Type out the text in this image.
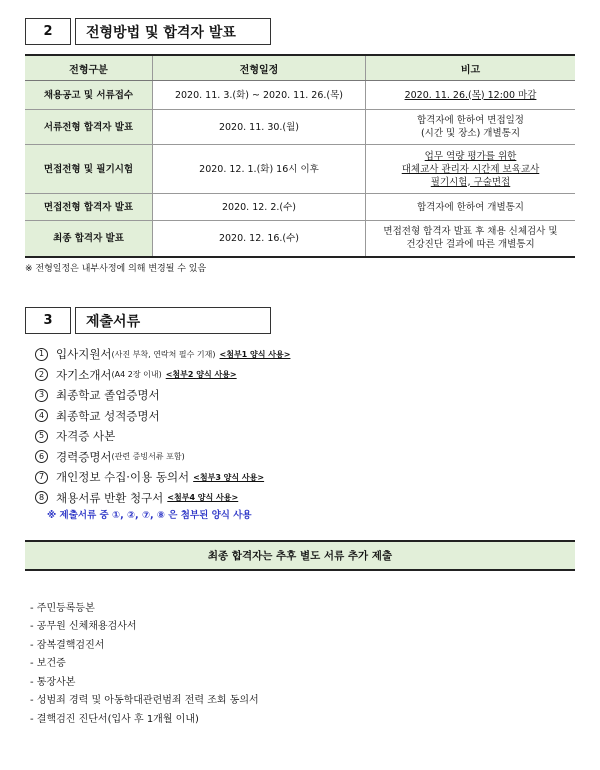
2	전형방법 및 합격자 발표
전형구분	전형일정	비고
채용공고 및 서류접수	2020. 11. 3.(화) ~ 2020. 11. 26.(목)	2020. 11. 26.(목) 12:00 마감

서류전형 합격자 발표	2020. 11. 30.(월)	합격자에 한하여 면접일정
(시간 및 장소) 개별통지

면접전형 및 필기시험	2020. 12. 1.(화) 16시 이후	업무 역량 평가를 위한
대체교사 관리자 시간제 보육교사
필기시험, 구술면접

면접전형 합격자 발표	2020. 12. 2.(수)	합격자에 한하여 개별통지

최종 합격자 발표	2020. 12. 16.(수)	면접전형 합격자 발표 후 채용 신체검사 및
건강진단 결과에 따른 개별통지
※ 전형일정은 내부사정에 의해 변경될 수 있음
3	제출서류
1	입사지원서 (사진 부착, 연락처 필수 기재) <첨부1 양식 사용>
2	자기소개서 (A4 2장 이내) <첨부2 양식 사용>
3	최종학교 졸업증명서
4	최종학교 성적증명서
5	자격증 사본
6	경력증명서 (관련 증빙서류 포함)
7	개인정보 수집·이용 동의서 <첨부3 양식 사용>
8	채용서류 반환 청구서 <첨부4 양식 사용>
※ 제출서류 중 ①, ②, ⑦, ⑧ 은 첨부된 양식 사용
최종 합격자는 추후 별도 서류 추가 제출
- 주민등록등본
- 공무원 신체채용검사서
- 잠복결핵검진서
- 보건증
- 통장사본
- 성범죄 경력 및 아동학대관련범죄 전력 조회 동의서
- 결핵검진 진단서(입사 후 1개월 이내)
